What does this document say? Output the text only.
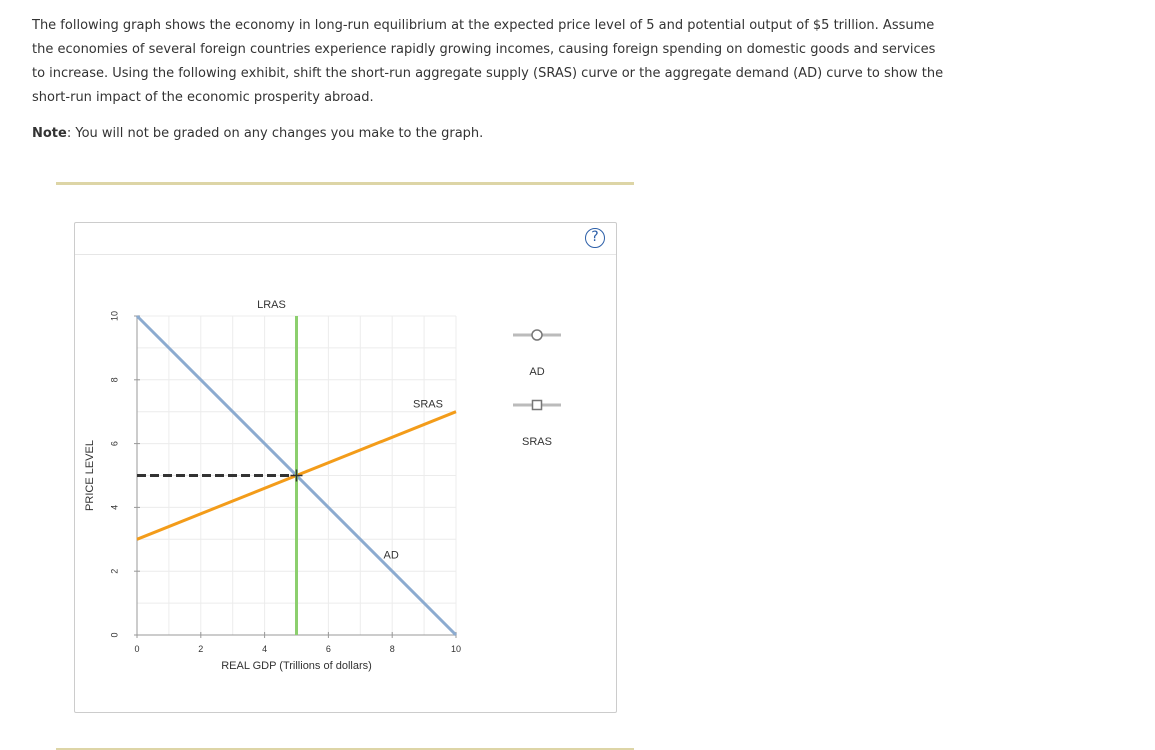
The following graph shows the economy in long-run equilibrium at the expected price level of 5 and potential output of $5 trillion. Assume the economies of several foreign countries experience rapidly growing incomes, causing foreign spending on domestic goods and services to increase. Using the following exhibit, shift the short-run aggregate supply (SRAS) curve or the aggregate demand (AD) curve to show the short-run impact of the economic prosperity abroad.

Note: You will not be graded on any changes you make to the graph.
?
0	2	4	6	8	10
0
2
4
6
8
10
REAL GDP (Trillions of dollars)
PRICE LEVEL
AD
SRAS
LRAS
AD
SRAS
